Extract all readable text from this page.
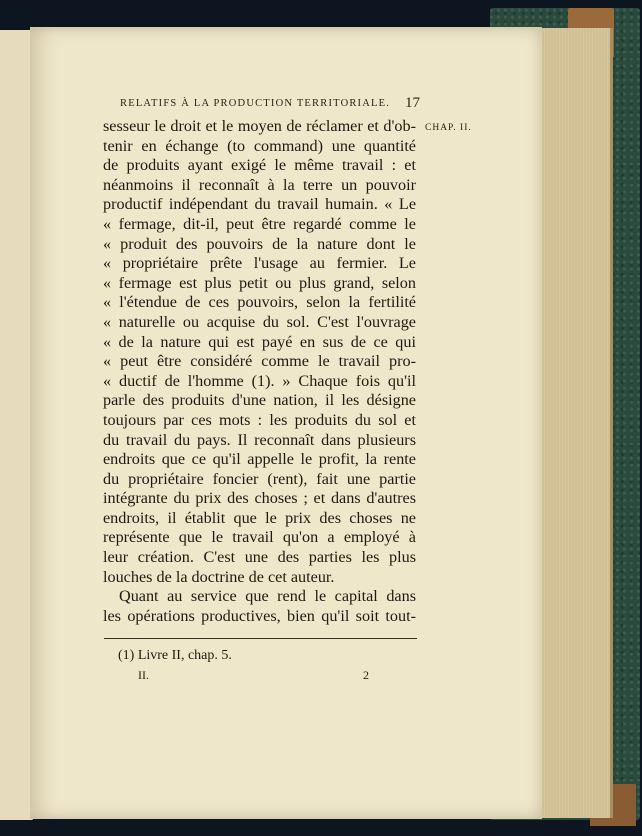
RELATIFS À LA PRODUCTION TERRITORIALE. 17
CHAP. II.
sesseur le droit et le moyen de réclamer et d'ob-
tenir en échange (to command) une quantité
de produits ayant exigé le même travail : et
néanmoins il reconnaît à la terre un pouvoir
productif indépendant du travail humain. « Le
« fermage, dit-il, peut être regardé comme le
« produit des pouvoirs de la nature dont le
« propriétaire prête l'usage au fermier. Le
« fermage est plus petit ou plus grand, selon
« l'étendue de ces pouvoirs, selon la fertilité
« naturelle ou acquise du sol. C'est l'ouvrage
« de la nature qui est payé en sus de ce qui
« peut être considéré comme le travail pro-
« ductif de l'homme (1). » Chaque fois qu'il
parle des produits d'une nation, il les désigne
toujours par ces mots : les produits du sol et
du travail du pays. Il reconnaît dans plusieurs
endroits que ce qu'il appelle le profit, la rente
du propriétaire foncier (rent), fait une partie
intégrante du prix des choses ; et dans d'autres
endroits, il établit que le prix des choses ne
représente que le travail qu'on a employé à
leur création. C'est une des parties les plus
louches de la doctrine de cet auteur.
Quant au service que rend le capital dans
les opérations productives, bien qu'il soit tout-
(1) Livre II, chap. 5.
II.	2
